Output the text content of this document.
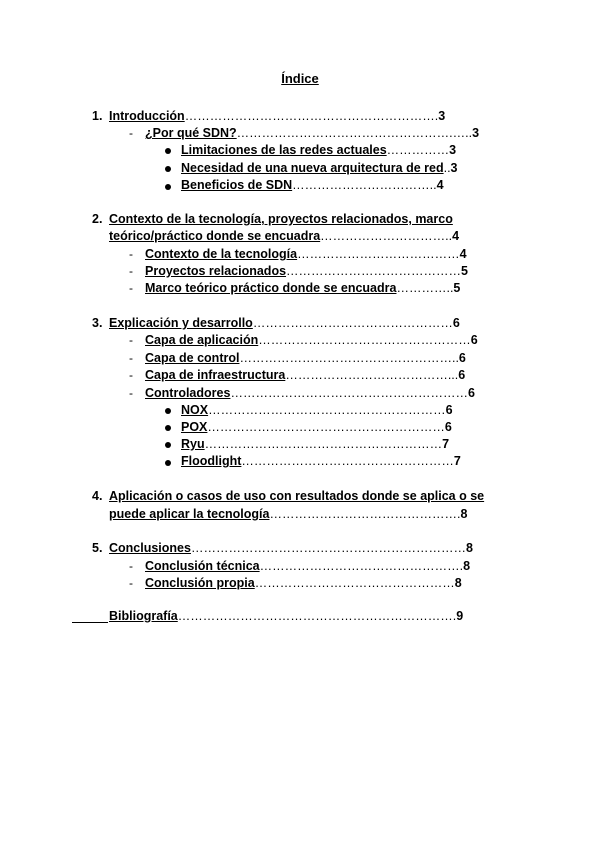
Índice
1. Introducción…………………………………………………….3
- ¿Por qué SDN?…………………………………………….…..3
Limitaciones de las redes actuales……………3
Necesidad de una nueva arquitectura de red..3
Beneficios de SDN……………………………..4
2. Contexto de la tecnología, proyectos relacionados, marco
teórico/práctico donde se encuadra…………………………..4
- Contexto de la tecnología…………………………………4
- Proyectos relacionados……………………………………5
- Marco teórico práctico donde se encuadra…………..5
3. Explicación y desarrollo…………………………………………6
- Capa de aplicación……………………………………………6
- Capa de control……………………………………………..6
- Capa de infraestructura…………………………………...6
- Controladores…………………………………………………6
NOX…………………………………………………6
POX…………………………………………………6
Ryu…………………………………………………7
Floodlight……………………………………………7
4. Aplicación o casos de uso con resultados donde se aplica o se
puede aplicar la tecnología……………………………………….8
5. Conclusiones…………………………………………………………8
- Conclusión técnica………………………………………….8
- Conclusión propia…………………………………………8
Bibliografía………………………………………………………….9
